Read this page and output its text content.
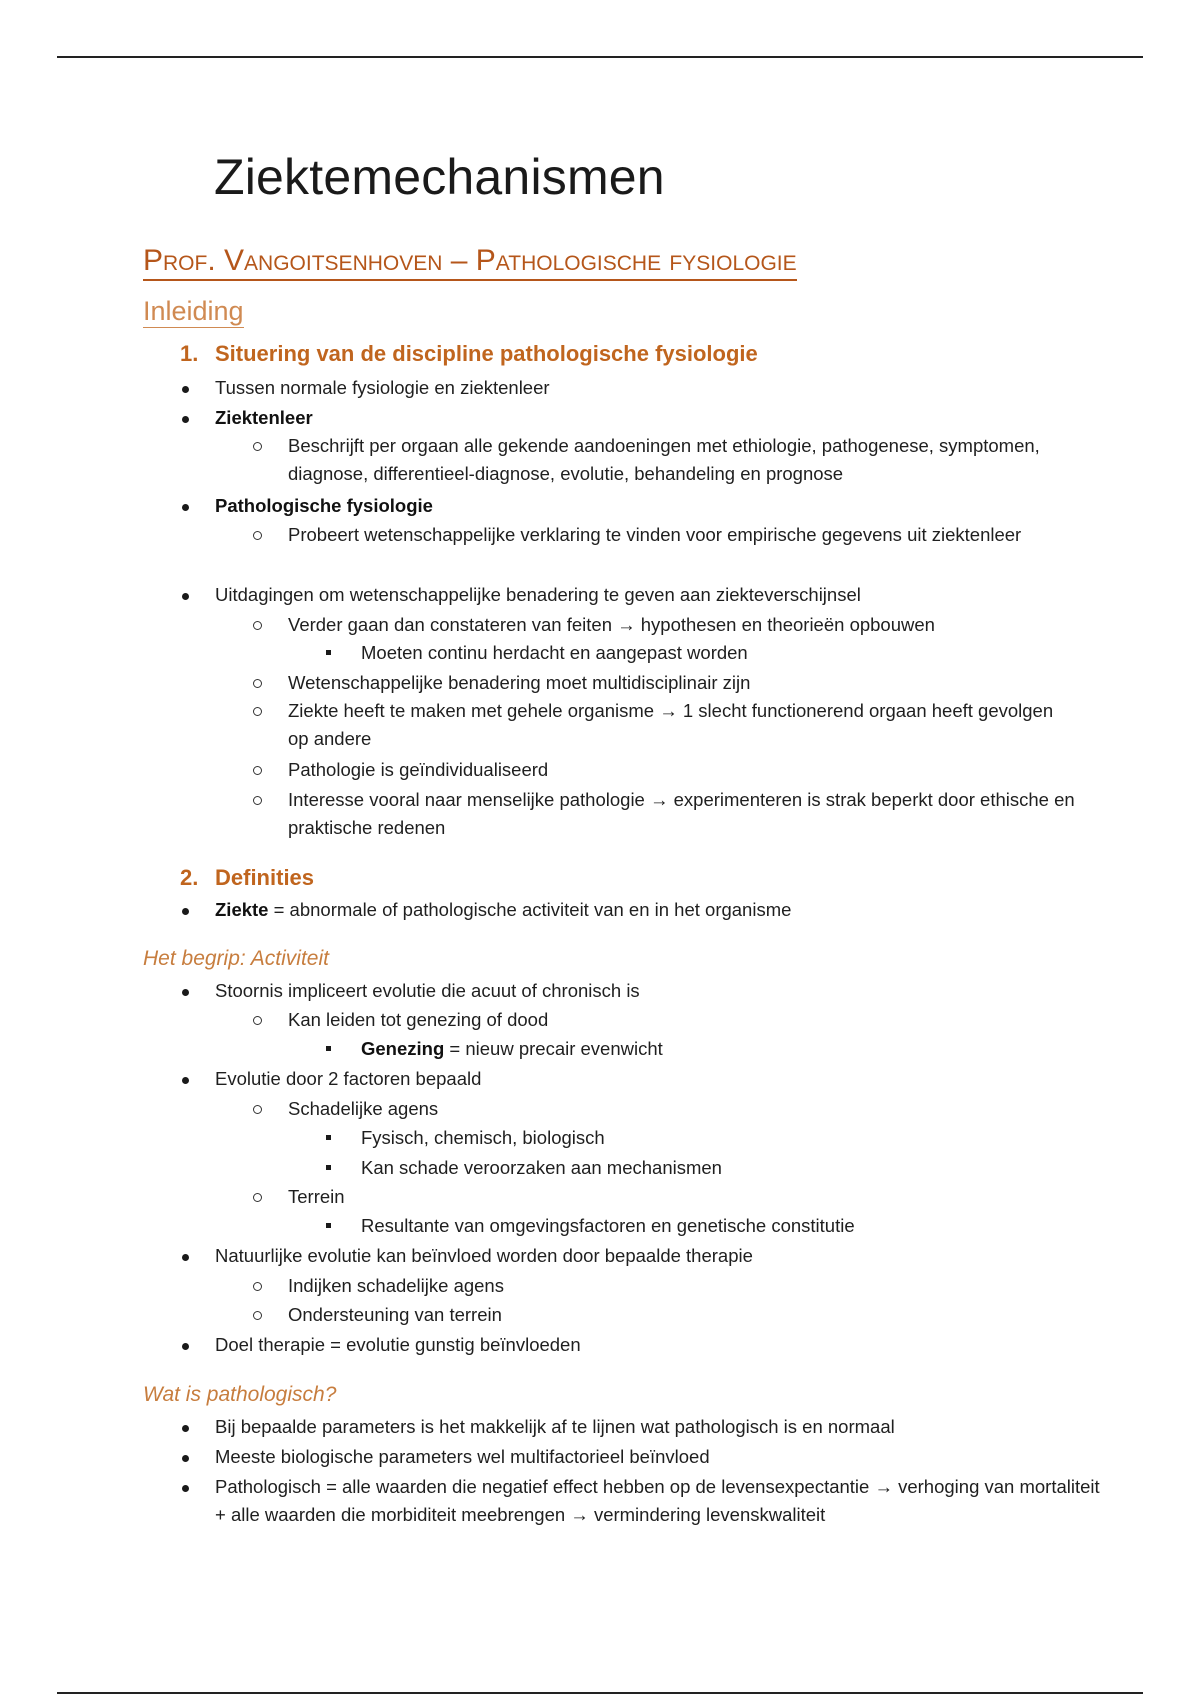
Ziektemechanismen
Prof. Vangoitsenhoven – Pathologische fysiologie
Inleiding
1. Situering van de discipline pathologische fysiologie
Tussen normale fysiologie en ziektenleer
Ziektenleer
Beschrijft per orgaan alle gekende aandoeningen met ethiologie, pathogenese, symptomen, diagnose, differentieel-diagnose, evolutie, behandeling en prognose
Pathologische fysiologie
Probeert wetenschappelijke verklaring te vinden voor empirische gegevens uit ziektenleer
Uitdagingen om wetenschappelijke benadering te geven aan ziekteverschijnsel
Verder gaan dan constateren van feiten → hypothesen en theorieën opbouwen
Moeten continu herdacht en aangepast worden
Wetenschappelijke benadering moet multidisciplinair zijn
Ziekte heeft te maken met gehele organisme → 1 slecht functionerend orgaan heeft gevolgen op andere
Pathologie is geïndividualiseerd
Interesse vooral naar menselijke pathologie → experimenteren is strak beperkt door ethische en praktische redenen
2. Definities
Ziekte = abnormale of pathologische activiteit van en in het organisme
Het begrip: Activiteit
Stoornis impliceert evolutie die acuut of chronisch is
Kan leiden tot genezing of dood
Genezing = nieuw precair evenwicht
Evolutie door 2 factoren bepaald
Schadelijke agens
Fysisch, chemisch, biologisch
Kan schade veroorzaken aan mechanismen
Terrein
Resultante van omgevingsfactoren en genetische constitutie
Natuurlijke evolutie kan beïnvloed worden door bepaalde therapie
Indijken schadelijke agens
Ondersteuning van terrein
Doel therapie = evolutie gunstig beïnvloeden
Wat is pathologisch?
Bij bepaalde parameters is het makkelijk af te lijnen wat pathologisch is en normaal
Meeste biologische parameters wel multifactorieel beïnvloed
Pathologisch = alle waarden die negatief effect hebben op de levensexpectantie → verhoging van mortaliteit + alle waarden die morbiditeit meebrengen → vermindering levenskwaliteit
